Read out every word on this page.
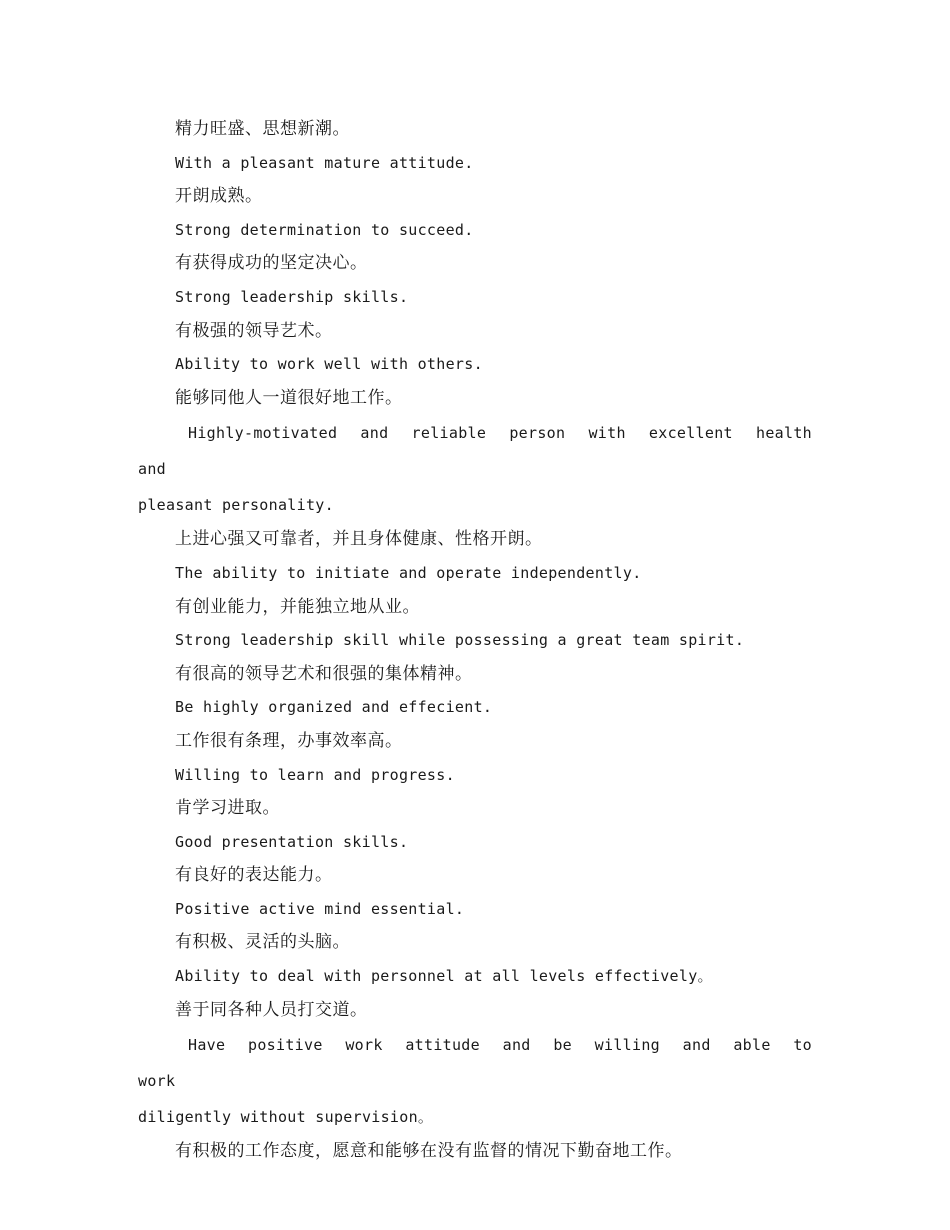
精力旺盛、思想新潮。

With a pleasant mature attitude.

开朗成熟。

Strong determination to succeed.

有获得成功的坚定决心。

Strong leadership skills.

有极强的领导艺术。

Ability to work well with others.

能够同他人一道很好地工作。

Highly-motivated and reliable person with excellent health and
pleasant personality.

上进心强又可靠者，并且身体健康、性格开朗。

The ability to initiate and operate independently.

有创业能力，并能独立地从业。

Strong leadership skill while possessing a great team spirit.

有很高的领导艺术和很强的集体精神。

Be highly organized and effecient.

工作很有条理，办事效率高。

Willing to learn and progress.

肯学习进取。

Good presentation skills.

有良好的表达能力。

Positive active mind essential.

有积极、灵活的头脑。

Ability to deal with personnel at all levels effectively。

善于同各种人员打交道。

Have positive work attitude and be willing and able to work
diligently without supervision。

有积极的工作态度，愿意和能够在没有监督的情况下勤奋地工作。
